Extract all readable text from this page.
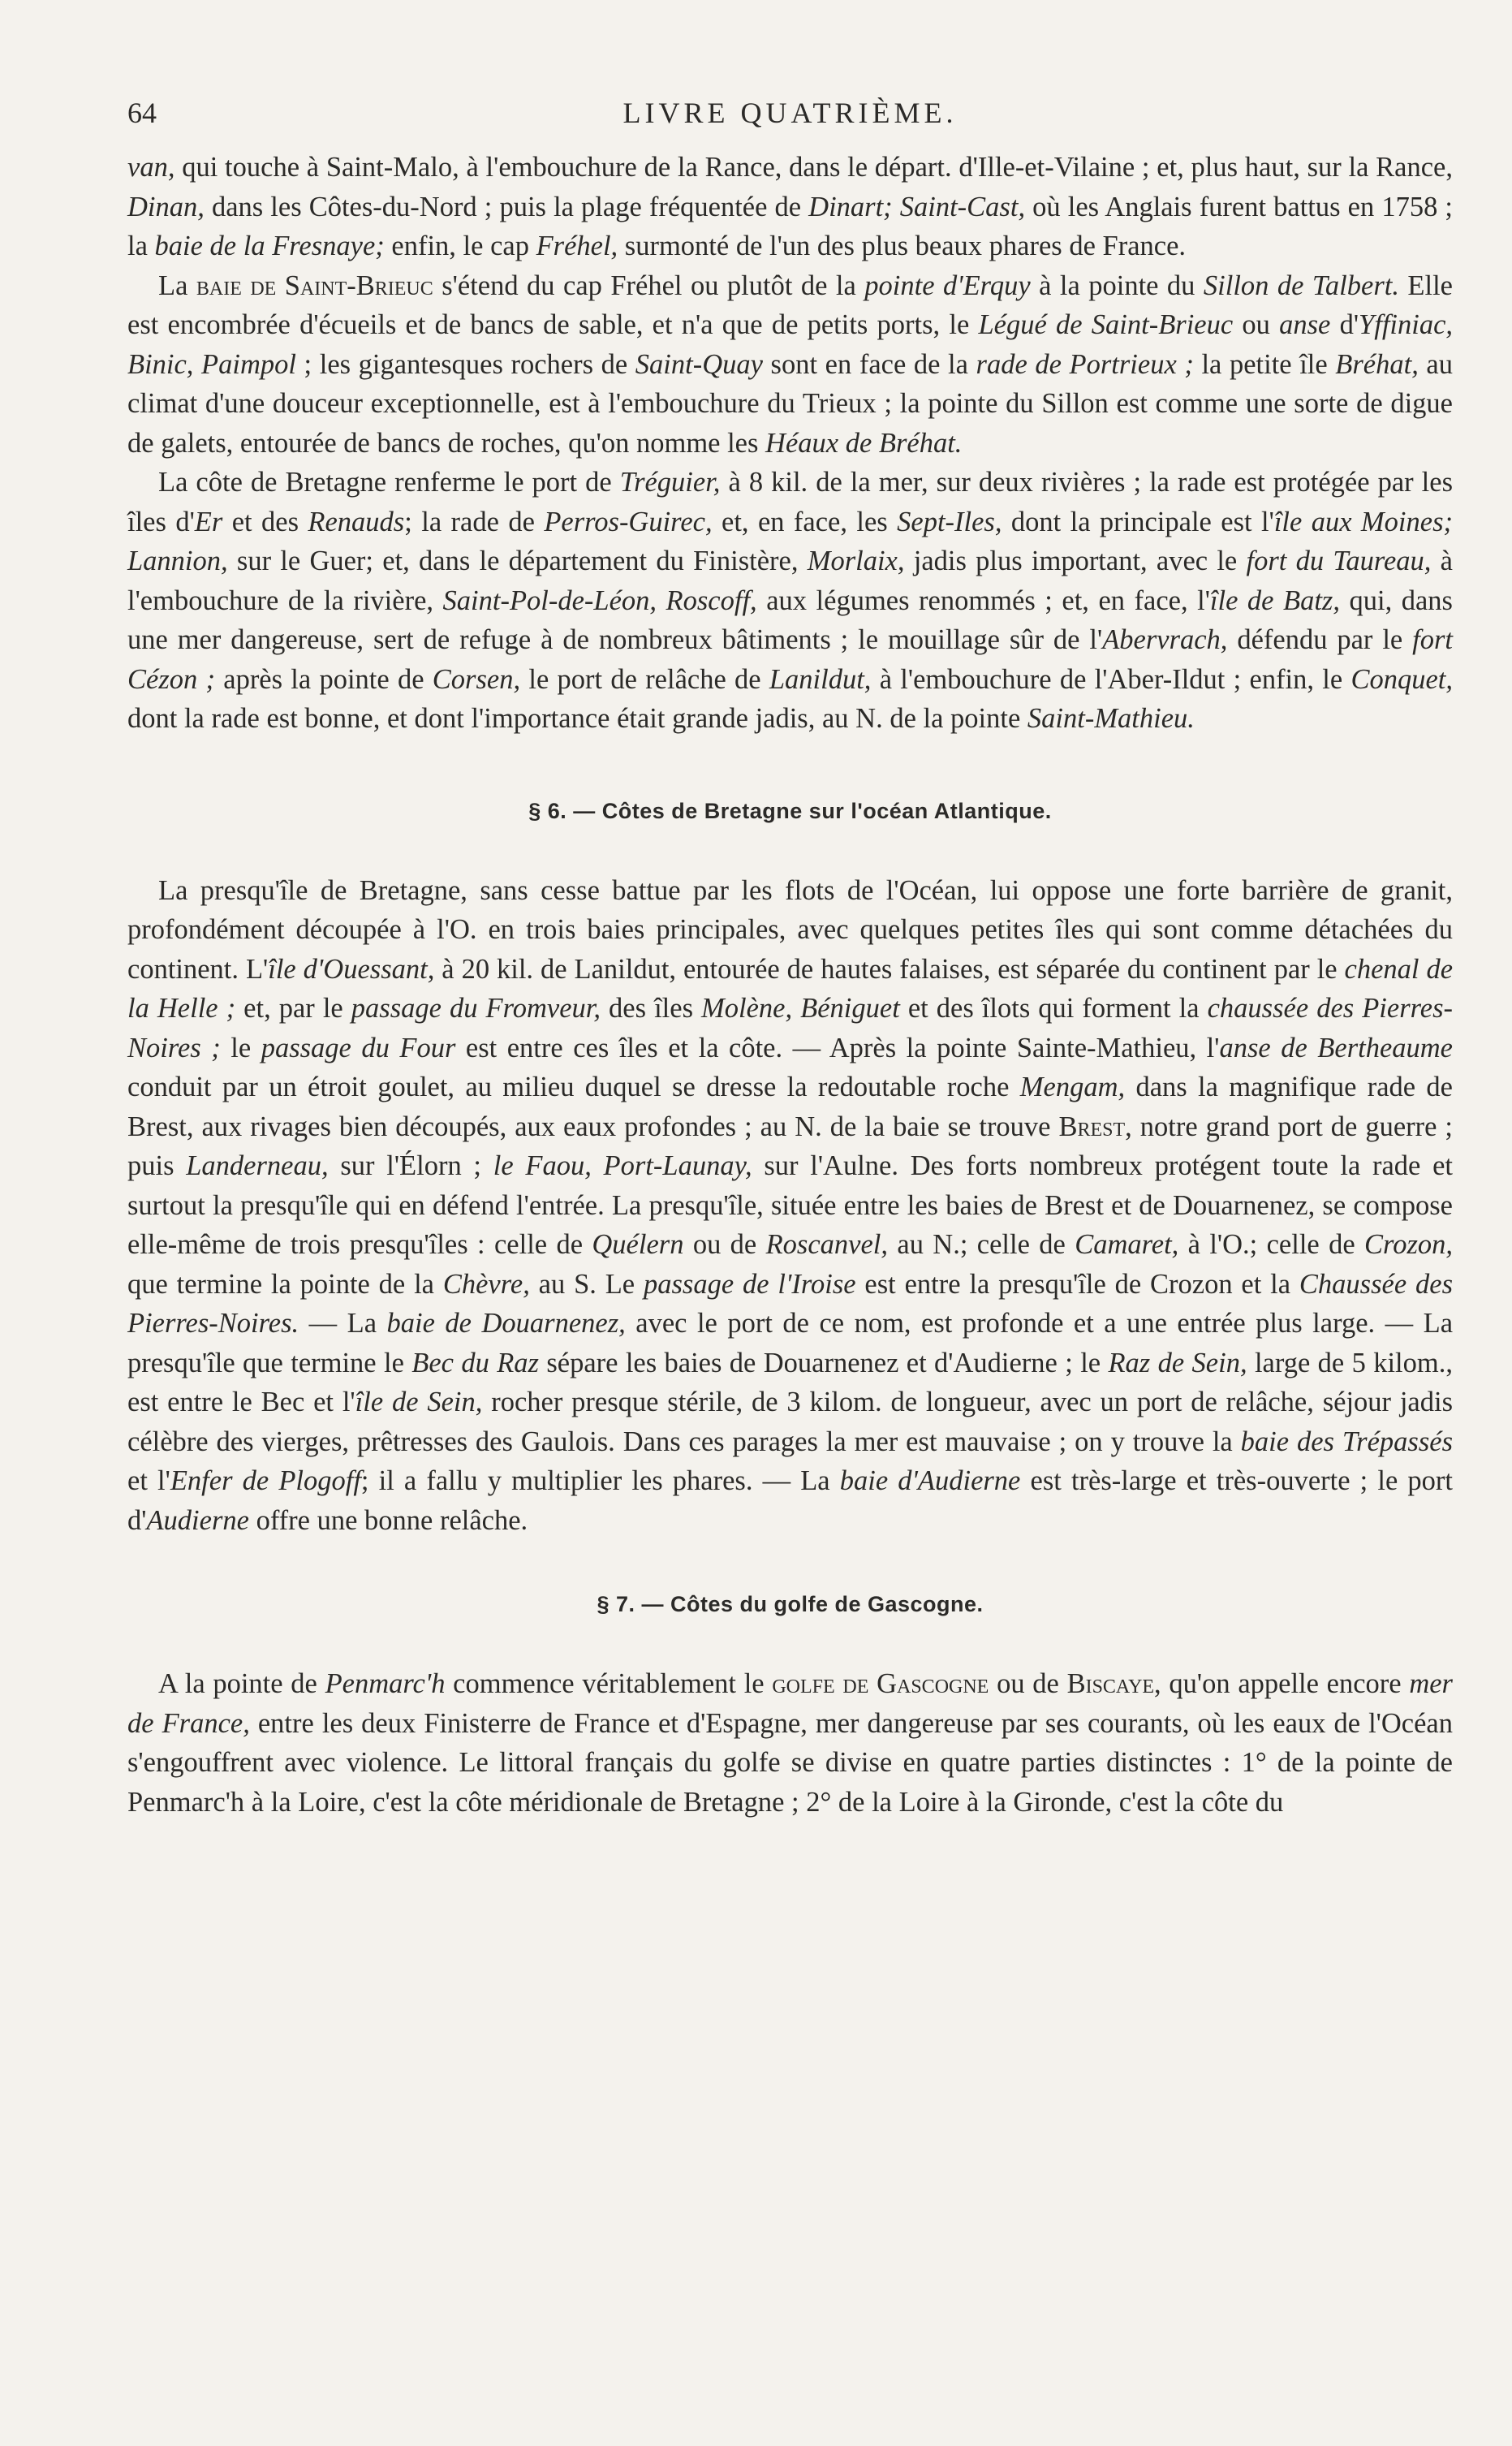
64	LIVRE QUATRIÈME.

van, qui touche à Saint-Malo, à l'embouchure de la Rance, dans le départ. d'Ille-et-Vilaine ; et, plus haut, sur la Rance, Dinan, dans les Côtes-du-Nord ; puis la plage fréquentée de Dinart; Saint-Cast, où les Anglais furent battus en 1758 ; la baie de la Fresnaye; enfin, le cap Fréhel, surmonté de l'un des plus beaux phares de France.

La baie de Saint-Brieuc s'étend du cap Fréhel ou plutôt de la pointe d'Erquy à la pointe du Sillon de Talbert. Elle est encombrée d'écueils et de bancs de sable, et n'a que de petits ports, le Légué de Saint-Brieuc ou anse d'Yffiniac, Binic, Paimpol ; les gigantesques rochers de Saint-Quay sont en face de la rade de Portrieux ; la petite île Bréhat, au climat d'une douceur exceptionnelle, est à l'embouchure du Trieux ; la pointe du Sillon est comme une sorte de digue de galets, entourée de bancs de roches, qu'on nomme les Héaux de Bréhat.

La côte de Bretagne renferme le port de Tréguier, à 8 kil. de la mer, sur deux rivières ; la rade est protégée par les îles d'Er et des Renauds; la rade de Perros-Guirec, et, en face, les Sept-Iles, dont la principale est l'île aux Moines; Lannion, sur le Guer; et, dans le département du Finistère, Morlaix, jadis plus important, avec le fort du Taureau, à l'embouchure de la rivière, Saint-Pol-de-Léon, Roscoff, aux légumes renommés ; et, en face, l'île de Batz, qui, dans une mer dangereuse, sert de refuge à de nombreux bâtiments ; le mouillage sûr de l'Abervrach, défendu par le fort Cézon ; après la pointe de Corsen, le port de relâche de Lanildut, à l'embouchure de l'Aber-Ildut ; enfin, le Conquet, dont la rade est bonne, et dont l'importance était grande jadis, au N. de la pointe Saint-Mathieu.

§ 6. — Côtes de Bretagne sur l'océan Atlantique.

La presqu'île de Bretagne, sans cesse battue par les flots de l'Océan, lui oppose une forte barrière de granit, profondément découpée à l'O. en trois baies principales, avec quelques petites îles qui sont comme détachées du continent. L'île d'Ouessant, à 20 kil. de Lanildut, entourée de hautes falaises, est séparée du continent par le chenal de la Helle ; et, par le passage du Fromveur, des îles Molène, Béniguet et des îlots qui forment la chaussée des Pierres-Noires ; le passage du Four est entre ces îles et la côte. — Après la pointe Sainte-Mathieu, l'anse de Bertheaume conduit par un étroit goulet, au milieu duquel se dresse la redoutable roche Mengam, dans la magnifique rade de Brest, aux rivages bien découpés, aux eaux profondes ; au N. de la baie se trouve Brest, notre grand port de guerre ; puis Landerneau, sur l'Élorn ; le Faou, Port-Launay, sur l'Aulne. Des forts nombreux protégent toute la rade et surtout la presqu'île qui en défend l'entrée. La presqu'île, située entre les baies de Brest et de Douarnenez, se compose elle-même de trois presqu'îles : celle de Quélern ou de Roscanvel, au N.; celle de Camaret, à l'O.; celle de Crozon, que termine la pointe de la Chèvre, au S. Le passage de l'Iroise est entre la presqu'île de Crozon et la Chaussée des Pierres-Noires. — La baie de Douarnenez, avec le port de ce nom, est profonde et a une entrée plus large. — La presqu'île que termine le Bec du Raz sépare les baies de Douarnenez et d'Audierne ; le Raz de Sein, large de 5 kilom., est entre le Bec et l'île de Sein, rocher presque stérile, de 3 kilom. de longueur, avec un port de relâche, séjour jadis célèbre des vierges, prêtresses des Gaulois. Dans ces parages la mer est mauvaise ; on y trouve la baie des Trépassés et l'Enfer de Plogoff; il a fallu y multiplier les phares. — La baie d'Audierne est très-large et très-ouverte ; le port d'Audierne offre une bonne relâche.

§ 7. — Côtes du golfe de Gascogne.

A la pointe de Penmarc'h commence véritablement le golfe de Gascogne ou de Biscaye, qu'on appelle encore mer de France, entre les deux Finisterre de France et d'Espagne, mer dangereuse par ses courants, où les eaux de l'Océan s'engouffrent avec violence. Le littoral français du golfe se divise en quatre parties distinctes : 1° de la pointe de Penmarc'h à la Loire, c'est la côte méridionale de Bretagne ; 2° de la Loire à la Gironde, c'est la côte du
